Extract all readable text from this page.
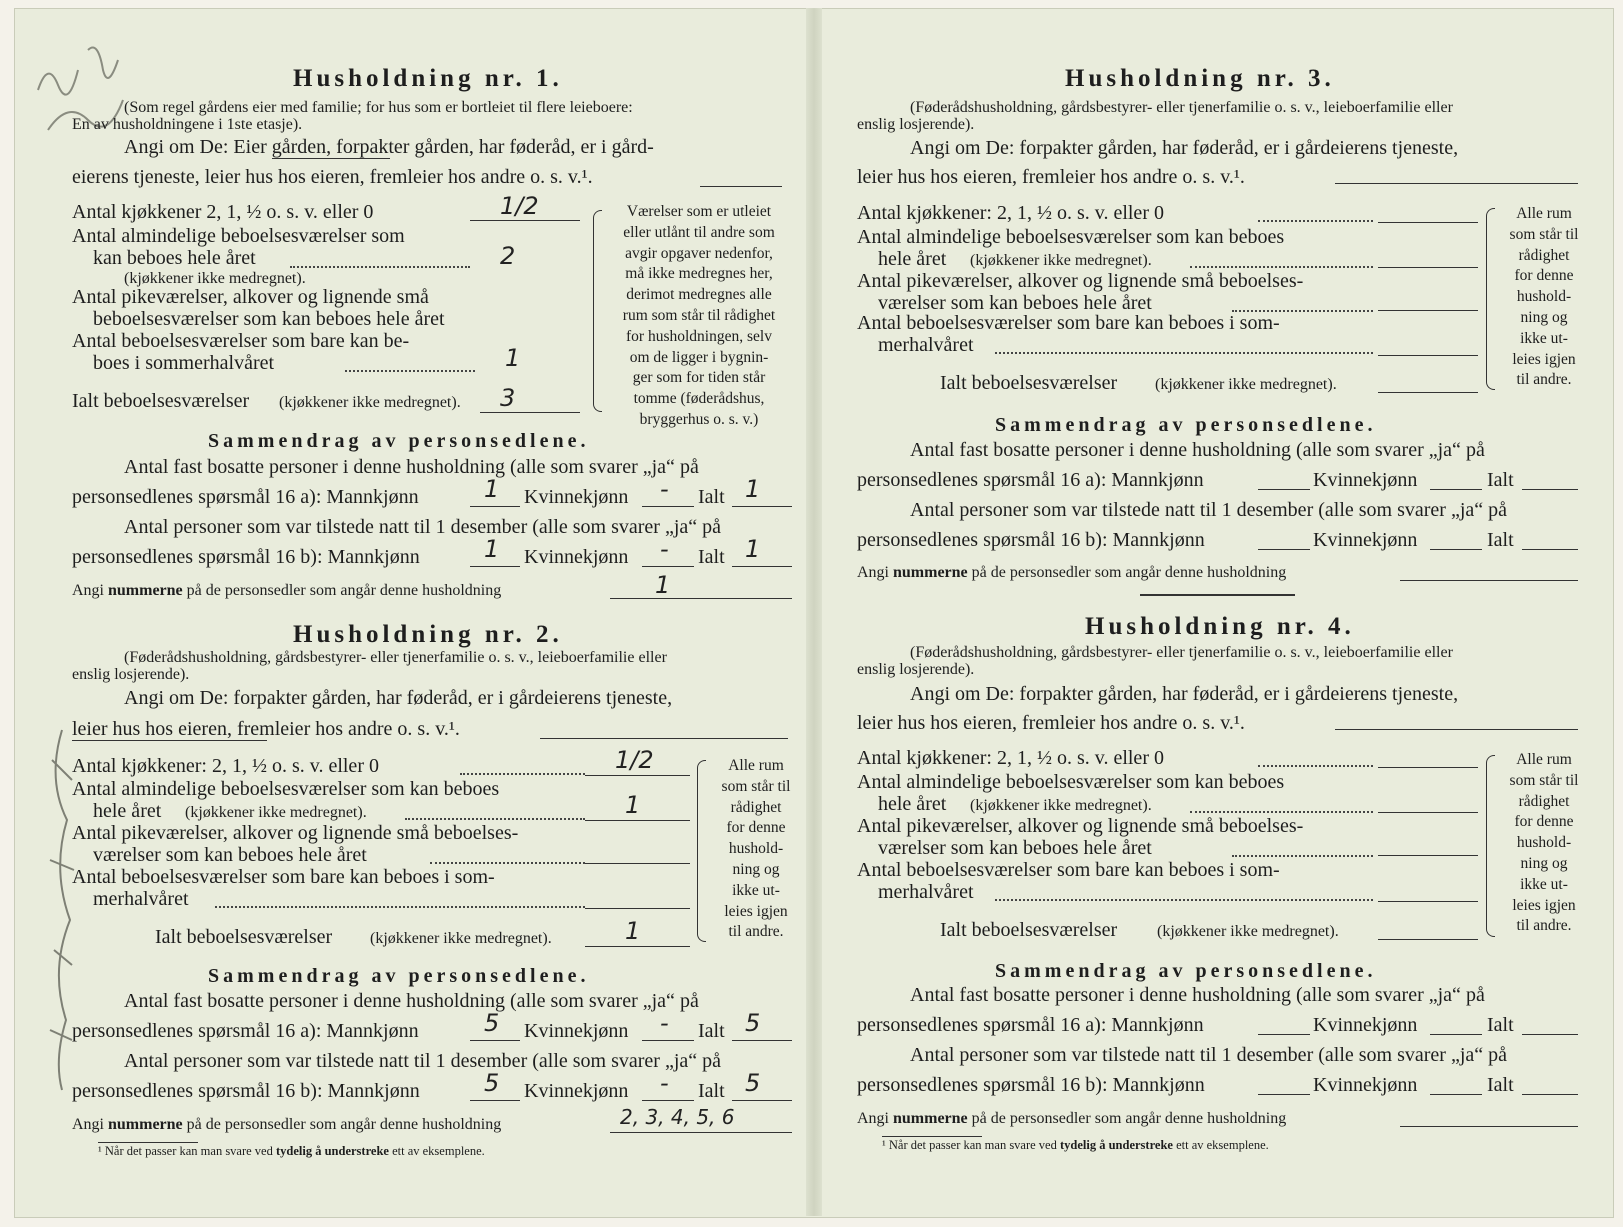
Husholdning nr. 1.
(Som regel gårdens eier med familie; for hus som er bortleiet til flere leieboere:
En av husholdningene i 1ste etasje).
Angi om De: Eier gården, forpakter gården, har føderåd, er i gård-
eierens tjeneste, leier hus hos eieren, fremleier hos andre o. s. v.¹.
Antal kjøkkener 2, 1, ½ o. s. v. eller 0	1/2
Antal almindelige beboelsesværelser som
kan beboes hele året	2
(kjøkkener ikke medregnet).
Antal pikeværelser, alkover og lignende små
beboelsesværelser som kan beboes hele året
Antal beboelsesværelser som bare kan be-
boes i sommerhalvåret	1
Ialt beboelsesværelser (kjøkkener ikke medregnet). 3
Værelser som er utleiet
eller utlånt til andre som
avgir opgaver nedenfor,
må ikke medregnes her,
derimot medregnes alle
rum som står til rådighet
for husholdningen, selv
om de ligger i bygnin-
ger som for tiden står
tomme (føderådshus,
bryggerhus o. s. v.)
Sammendrag av personsedlene.
Antal fast bosatte personer i denne husholdning (alle som svarer „ja“ på
personsedlenes spørsmål 16 a): Mannkjønn	Kvinnekjønn	Ialt
1	-	1
Antal personer som var tilstede natt til 1 desember (alle som svarer „ja“ på
personsedlenes spørsmål 16 b): Mannkjønn	Kvinnekjønn	Ialt
1	-	1
Angi nummerne på de personsedler som angår denne husholdning	1
Husholdning nr. 2.
(Føderådshusholdning, gårdsbestyrer- eller tjenerfamilie o. s. v., leieboerfamilie eller
enslig losjerende).
Angi om De: forpakter gården, har føderåd, er i gårdeierens tjeneste,
leier hus hos eieren, fremleier hos andre o. s. v.¹.
Antal kjøkkener: 2, 1, ½ o. s. v. eller 0	1/2
Antal almindelige beboelsesværelser som kan beboes
hele året (kjøkkener ikke medregnet).	1
Antal pikeværelser, alkover og lignende små beboelses-
værelser som kan beboes hele året
Antal beboelsesværelser som bare kan beboes i som-
merhalvåret
Ialt beboelsesværelser (kjøkkener ikke medregnet).	1
Alle rum
som står til
rådighet
for denne
hushold-
ning og
ikke ut-
leies igjen
til andre.
Sammendrag av personsedlene.
Antal fast bosatte personer i denne husholdning (alle som svarer „ja“ på
personsedlenes spørsmål 16 a): Mannkjønn	Kvinnekjønn	Ialt
5	-	5
Antal personer som var tilstede natt til 1 desember (alle som svarer „ja“ på
personsedlenes spørsmål 16 b): Mannkjønn	Kvinnekjønn	Ialt
5	-	5
Angi nummerne på de personsedler som angår denne husholdning	2, 3, 4, 5, 6
¹ Når det passer kan man svare ved tydelig å understreke ett av eksemplene.
Husholdning nr. 3.
(Føderådshusholdning, gårdsbestyrer- eller tjenerfamilie o. s. v., leieboerfamilie eller
enslig losjerende).
Angi om De: forpakter gården, har føderåd, er i gårdeierens tjeneste,
leier hus hos eieren, fremleier hos andre o. s. v.¹.
Antal kjøkkener: 2, 1, ½ o. s. v. eller 0
Antal almindelige beboelsesværelser som kan beboes
hele året (kjøkkener ikke medregnet).
Antal pikeværelser, alkover og lignende små beboelses-
værelser som kan beboes hele året
Antal beboelsesværelser som bare kan beboes i som-
merhalvåret
Ialt beboelsesværelser (kjøkkener ikke medregnet).
Alle rum
som står til
rådighet
for denne
hushold-
ning og
ikke ut-
leies igjen
til andre.
Sammendrag av personsedlene.
Antal fast bosatte personer i denne husholdning (alle som svarer „ja“ på
personsedlenes spørsmål 16 a): Mannkjønn	Kvinnekjønn	Ialt
Antal personer som var tilstede natt til 1 desember (alle som svarer „ja“ på
personsedlenes spørsmål 16 b): Mannkjønn	Kvinnekjønn	Ialt
Angi nummerne på de personsedler som angår denne husholdning
Husholdning nr. 4.
(Føderådshusholdning, gårdsbestyrer- eller tjenerfamilie o. s. v., leieboerfamilie eller
enslig losjerende).
Angi om De: forpakter gården, har føderåd, er i gårdeierens tjeneste,
leier hus hos eieren, fremleier hos andre o. s. v.¹.
Antal kjøkkener: 2, 1, ½ o. s. v. eller 0
Antal almindelige beboelsesværelser som kan beboes
hele året (kjøkkener ikke medregnet).
Antal pikeværelser, alkover og lignende små beboelses-
værelser som kan beboes hele året
Antal beboelsesværelser som bare kan beboes i som-
merhalvåret
Ialt beboelsesværelser (kjøkkener ikke medregnet).
Alle rum
som står til
rådighet
for denne
hushold-
ning og
ikke ut-
leies igjen
til andre.
Sammendrag av personsedlene.
Antal fast bosatte personer i denne husholdning (alle som svarer „ja“ på
personsedlenes spørsmål 16 a): Mannkjønn	Kvinnekjønn	Ialt
Antal personer som var tilstede natt til 1 desember (alle som svarer „ja“ på
personsedlenes spørsmål 16 b): Mannkjønn	Kvinnekjønn	Ialt
Angi nummerne på de personsedler som angår denne husholdning
¹ Når det passer kan man svare ved tydelig å understreke ett av eksemplene.
